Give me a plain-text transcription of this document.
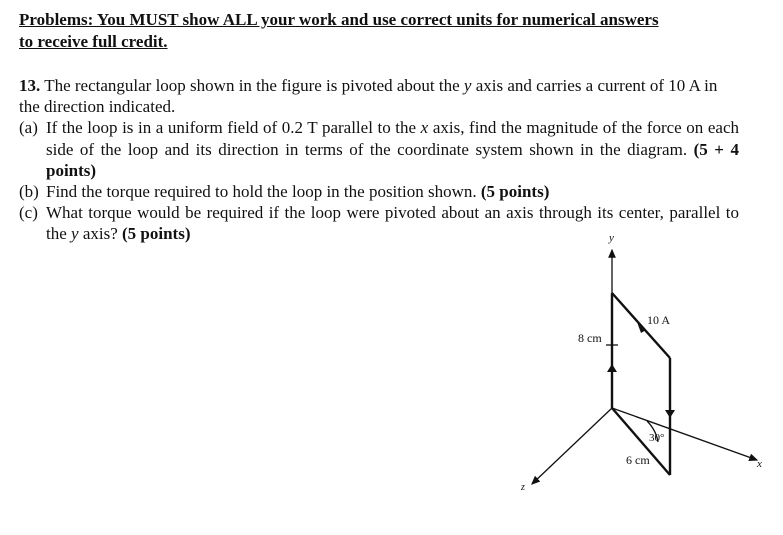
Problems: You MUST show ALL your work and use correct units for numerical answers
to receive full credit.
13. The rectangular loop shown in the figure is pivoted about the y axis and carries a current of 10 A in the direction indicated.
(a) If the loop is in a uniform field of 0.2 T parallel to the x axis, find the magnitude of the force on each side of the loop and its direction in terms of the coordinate system shown in the diagram. (5 + 4 points)
(b) Find the torque required to hold the loop in the position shown. (5 points)
(c) What torque would be required if the loop were pivoted about an axis through its center, parallel to the y axis? (5 points)	y
x
z
8 cm
10 A
30°
6 cm
